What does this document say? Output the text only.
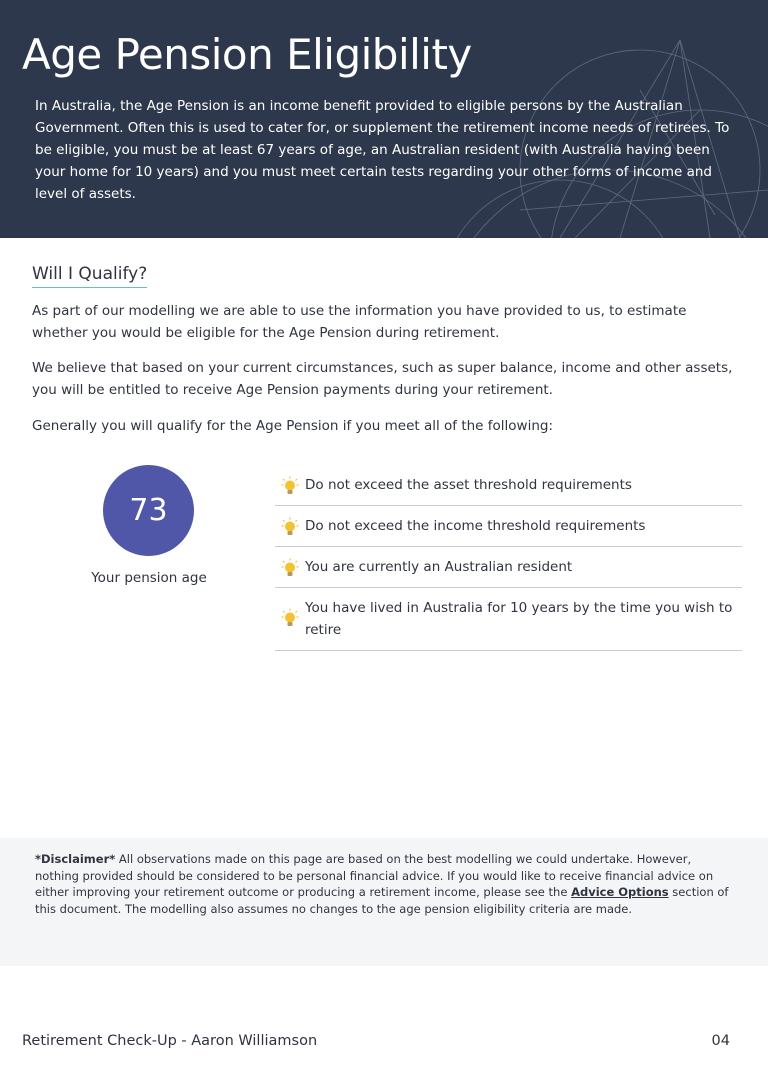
Age Pension Eligibility

In Australia, the Age Pension is an income benefit provided to eligible persons by the Australian Government. Often this is used to cater for, or supplement the retirement income needs of retirees. To be eligible, you must be at least 67 years of age, an Australian resident (with Australia having been your home for 10 years) and you must meet certain tests regarding your other forms of income and level of assets.

Will I Qualify?

As part of our modelling we are able to use the information you have provided to us, to estimate whether you would be eligible for the Age Pension during retirement.

We believe that based on your current circumstances, such as super balance, income and other assets, you will be entitled to receive Age Pension payments during your retirement.

Generally you will qualify for the Age Pension if you meet all of the following:

73
Your pension age
Do not exceed the asset threshold requirements
Do not exceed the income threshold requirements
You are currently an Australian resident
You have lived in Australia for 10 years by the time you wish to retire

*Disclaimer* All observations made on this page are based on the best modelling we could undertake. However, nothing provided should be considered to be personal financial advice. If you would like to receive financial advice on either improving your retirement outcome or producing a retirement income, please see the Advice Options section of this document. The modelling also assumes no changes to the age pension eligibility criteria are made.

Retirement Check-Up - Aaron Williamson	04
